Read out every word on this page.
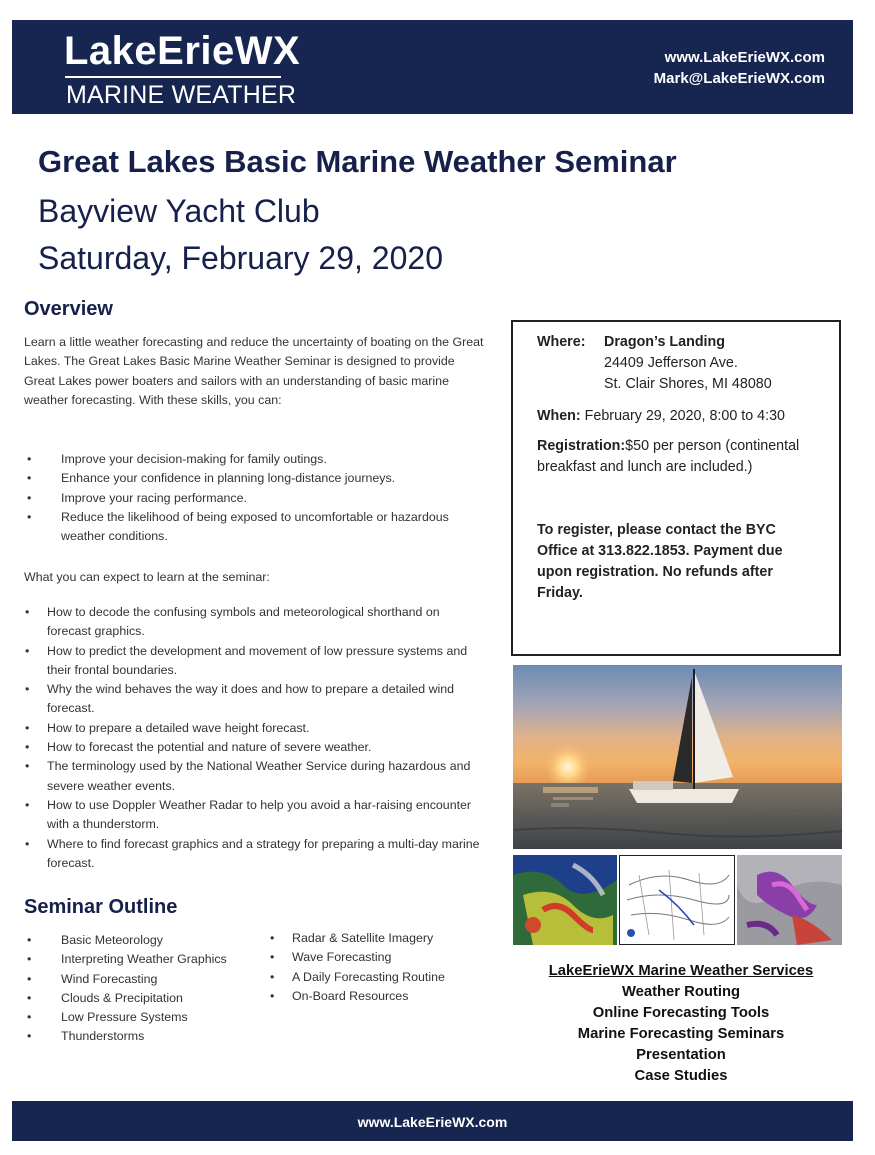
LakeErieWX
MARINE WEATHER
www.LakeErieWX.com
Mark@LakeErieWX.com
Great Lakes Basic Marine Weather Seminar
Bayview Yacht Club
Saturday, February 29, 2020
Overview
Learn a little weather forecasting and reduce the uncertainty of boating on the Great Lakes. The Great Lakes Basic Marine Weather Seminar is designed to provide Great Lakes power boaters and sailors with an understanding of basic marine weather forecasting. With these skills, you can:
• Improve your decision-making for family outings.
• Enhance your confidence in planning long-distance journeys.
• Improve your racing performance.
• Reduce the likelihood of being exposed to uncomfortable or hazardous weather conditions.
What you can expect to learn at the seminar:
• How to decode the confusing symbols and meteorological shorthand on forecast graphics.
• How to predict the development and movement of low pressure systems and their frontal boundaries.
• Why the wind behaves the way it does and how to prepare a detailed wind forecast.
• How to prepare a detailed wave height forecast.
• How to forecast the potential and nature of severe weather.
• The terminology used by the National Weather Service during hazardous and severe weather events.
• How to use Doppler Weather Radar to help you avoid a har-raising encounter with a thunderstorm.
• Where to find forecast graphics and a strategy for preparing a multi-day marine forecast.
Seminar Outline
• Basic Meteorology
• Interpreting Weather Graphics
• Wind Forecasting
• Clouds & Precipitation
• Low Pressure Systems
• Thunderstorms
• Radar & Satellite Imagery
• Wave Forecasting
• A Daily Forecasting Routine
• On-Board Resources
Where: Dragon’s Landing
24409 Jefferson Ave.
St. Clair Shores, MI 48080
When: February 29, 2020, 8:00 to 4:30
Registration:$50 per person (continental breakfast and lunch are included.)
To register, please contact the BYC Office at 313.822.1853. Payment due upon registration. No refunds after Friday.
LakeErieWX Marine Weather Services
Weather Routing
Online Forecasting Tools
Marine Forecasting Seminars
Presentation
Case Studies
www.LakeErieWX.com
